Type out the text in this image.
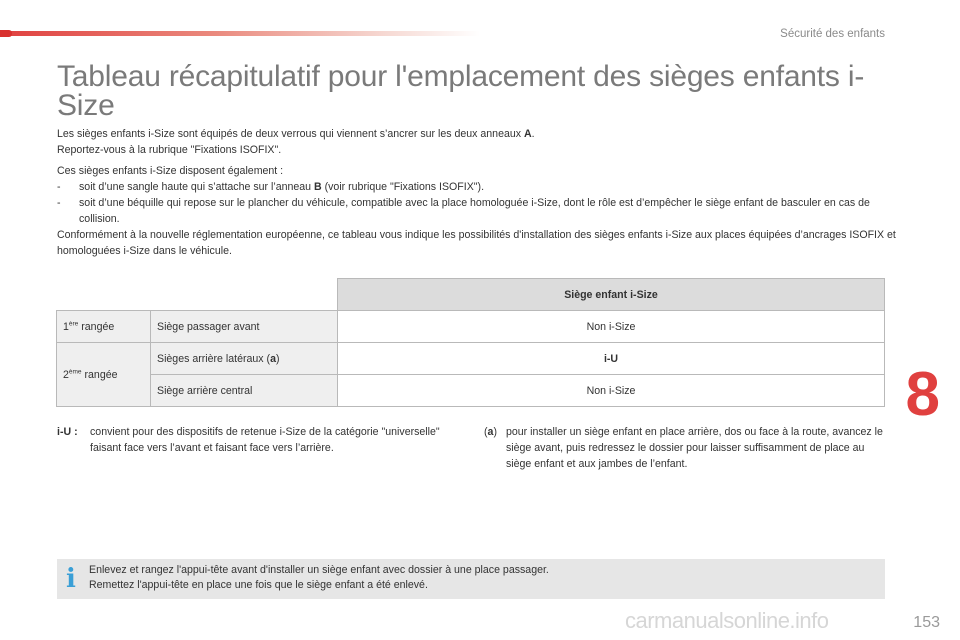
Sécurité des enfants
Tableau récapitulatif pour l'emplacement des sièges enfants i-Size
Les sièges enfants i-Size sont équipés de deux verrous qui viennent s’ancrer sur les deux anneaux A.
Reportez-vous à la rubrique "Fixations ISOFIX".
Ces sièges enfants i-Size disposent également :
-	soit d’une sangle haute qui s’attache sur l’anneau B (voir rubrique "Fixations ISOFIX").
-	soit d’une béquille qui repose sur le plancher du véhicule, compatible avec la place homologuée i-Size, dont le rôle est d’empêcher le siège enfant de basculer en cas de collision.
Conformément à la nouvelle réglementation européenne, ce tableau vous indique les possibilités d'installation des sièges enfants i-Size aux places équipées d’ancrages ISOFIX et homologuées i-Size dans le véhicule.
8
		Siège enfant i-Size
1ère rangée	Siège passager avant	Non i-Size
2ème rangée	Sièges arrière latéraux (a)	i-U
	Siège arrière central	Non i-Size
i-U :	convient pour des dispositifs de retenue i-Size de la catégorie "universelle" faisant face vers l’avant et faisant face vers l’arrière.
(a) pour installer un siège enfant en place arrière, dos ou face à la route, avancez le siège avant, puis redressez le dossier pour laisser suffisamment de place au siège enfant et aux jambes de l’enfant.
i Enlevez et rangez l'appui-tête avant d'installer un siège enfant avec dossier à une place passager.
Remettez l'appui-tête en place une fois que le siège enfant a été enlevé.
carmanualsonline.info	153
